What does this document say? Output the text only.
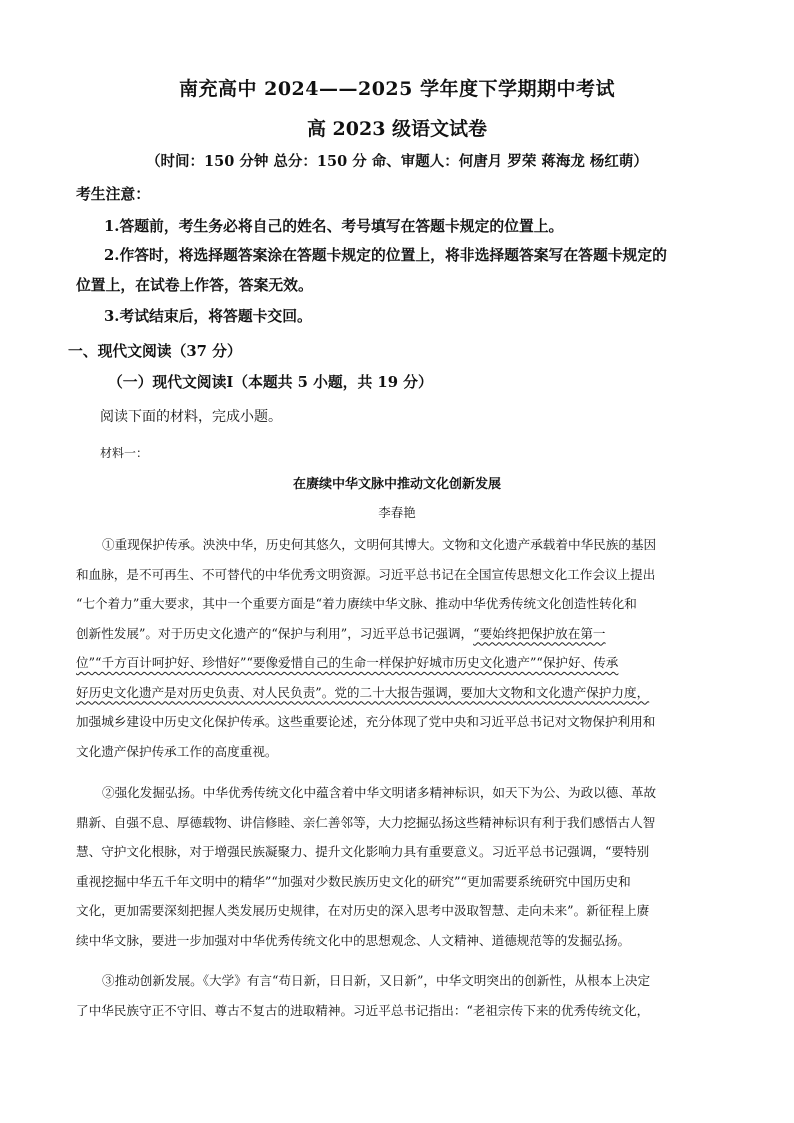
南充高中 2024——2025 学年度下学期期中考试
高 2023 级语文试卷
（时间：150 分钟 总分：150 分 命、审题人：何唐月 罗荣 蒋海龙 杨红萌）
考生注意：
1.答题前，考生务必将自己的姓名、考号填写在答题卡规定的位置上。
2.作答时，将选择题答案涂在答题卡规定的位置上，将非选择题答案写在答题卡规定的
位置上，在试卷上作答，答案无效。
3.考试结束后，将答题卡交回。
一、现代文阅读（37 分）
（一）现代文阅读Ⅰ（本题共 5 小题，共 19 分）
阅读下面的材料，完成小题。
材料一：
在赓续中华文脉中推动文化创新发展
李春艳
①重现保护传承。泱泱中华，历史何其悠久，文明何其博大。文物和文化遗产承载着中华民族的基因
和血脉，是不可再生、不可替代的中华优秀文明资源。习近平总书记在全国宣传思想文化工作会议上提出
“七个着力”重大要求，其中一个重要方面是“着力赓续中华文脉、推动中华优秀传统文化创造性转化和
创新性发展”。对于历史文化遗产的“保护与利用”，习近平总书记强调，“要始终把保护放在第一
位”“千方百计呵护好、珍惜好”“要像爱惜自己的生命一样保护好城市历史文化遗产”“保护好、传承
好历史文化遗产是对历史负责、对人民负责”。党的二十大报告强调，要加大文物和文化遗产保护力度，
加强城乡建设中历史文化保护传承。这些重要论述，充分体现了党中央和习近平总书记对文物保护利用和
文化遗产保护传承工作的高度重视。
②强化发掘弘扬。中华优秀传统文化中蕴含着中华文明诸多精神标识，如天下为公、为政以德、革故
鼎新、自强不息、厚德载物、讲信修睦、亲仁善邻等，大力挖掘弘扬这些精神标识有利于我们感悟古人智
慧、守护文化根脉，对于增强民族凝聚力、提升文化影响力具有重要意义。习近平总书记强调，“要特别
重视挖掘中华五千年文明中的精华”“加强对少数民族历史文化的研究”“更加需要系统研究中国历史和
文化，更加需要深刻把握人类发展历史规律，在对历史的深入思考中汲取智慧、走向未来”。新征程上赓
续中华文脉，要进一步加强对中华优秀传统文化中的思想观念、人文精神、道德规范等的发掘弘扬。
③推动创新发展。《大学》有言“苟日新，日日新，又日新”，中华文明突出的创新性，从根本上决定
了中华民族守正不守旧、尊古不复古的进取精神。习近平总书记指出：“老祖宗传下来的优秀传统文化，
